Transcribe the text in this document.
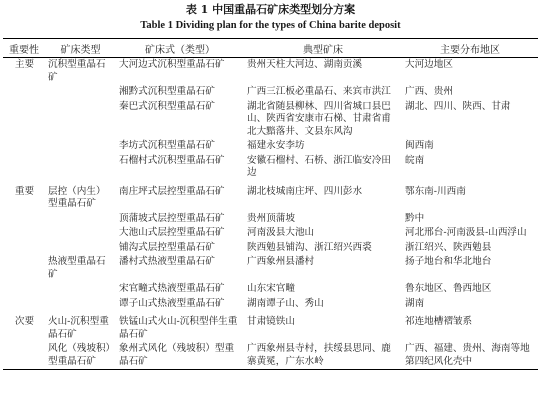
表 1 中国重晶石矿床类型划分方案
Table 1 Dividing plan for the types of China barite deposit
重要性	矿床类型	矿床式（类型）	典型矿床	主要分布地区
主要	沉积型重晶石矿	大河边式沉积型重晶石矿	贵州天柱大河边、湖南贡溪	大河边地区
		湘黔式沉积型重晶石矿	广西三江板必重晶石、来宾市洪江	广西、贵州
		秦巴式沉积型重晶石矿	湖北省随县柳林、四川省城口县巴山、陕西省安康市石梯、甘肃省甫北大黯落井、文县东风沟	湖北、四川、陕西、甘肃
		李坊式沉积型重晶石矿	福建永安李坊	闽西南
		石榴村式沉积型重晶石矿	安徽石榴村、石桥、浙江临安冷田边	皖南
重要	层控（内生）型重晶石矿	南庄坪式层控型重晶石矿	湖北枝城南庄坪、四川彭水	鄂东南-川西南
		顶蒲坡式层控型重晶石矿	贵州顶蒲坡	黔中
		大池山式层控型重晶石矿	河南汲县大池山	河北邢台-河南汲县-山西浮山
		铺沟式层控型重晶石矿	陕西勉县铺沟、浙江绍兴西裘	浙江绍兴、陕西勉县
	热液型重晶石矿	潘村式热液型重晶石矿	广西象州县潘村	扬子地台和华北地台
		宋官疃式热液型重晶石矿	山东宋官疃	鲁东地区、鲁西地区
		谭子山式热液型重晶石矿	湖南谭子山、秀山	湖南
次要	火山-沉积型重晶石矿	铁锰山式火山-沉积型伴生重晶石矿	甘肃镜铁山	祁连地槽褶皱系
	风化（残坡积）型重晶石矿	象州式风化（残坡积）型重晶石矿	广西象州县寺村，扶绥县思同、鹿寨黄冕，广东水岭	广西、福建、贵州、海南等地第四纪风化壳中
